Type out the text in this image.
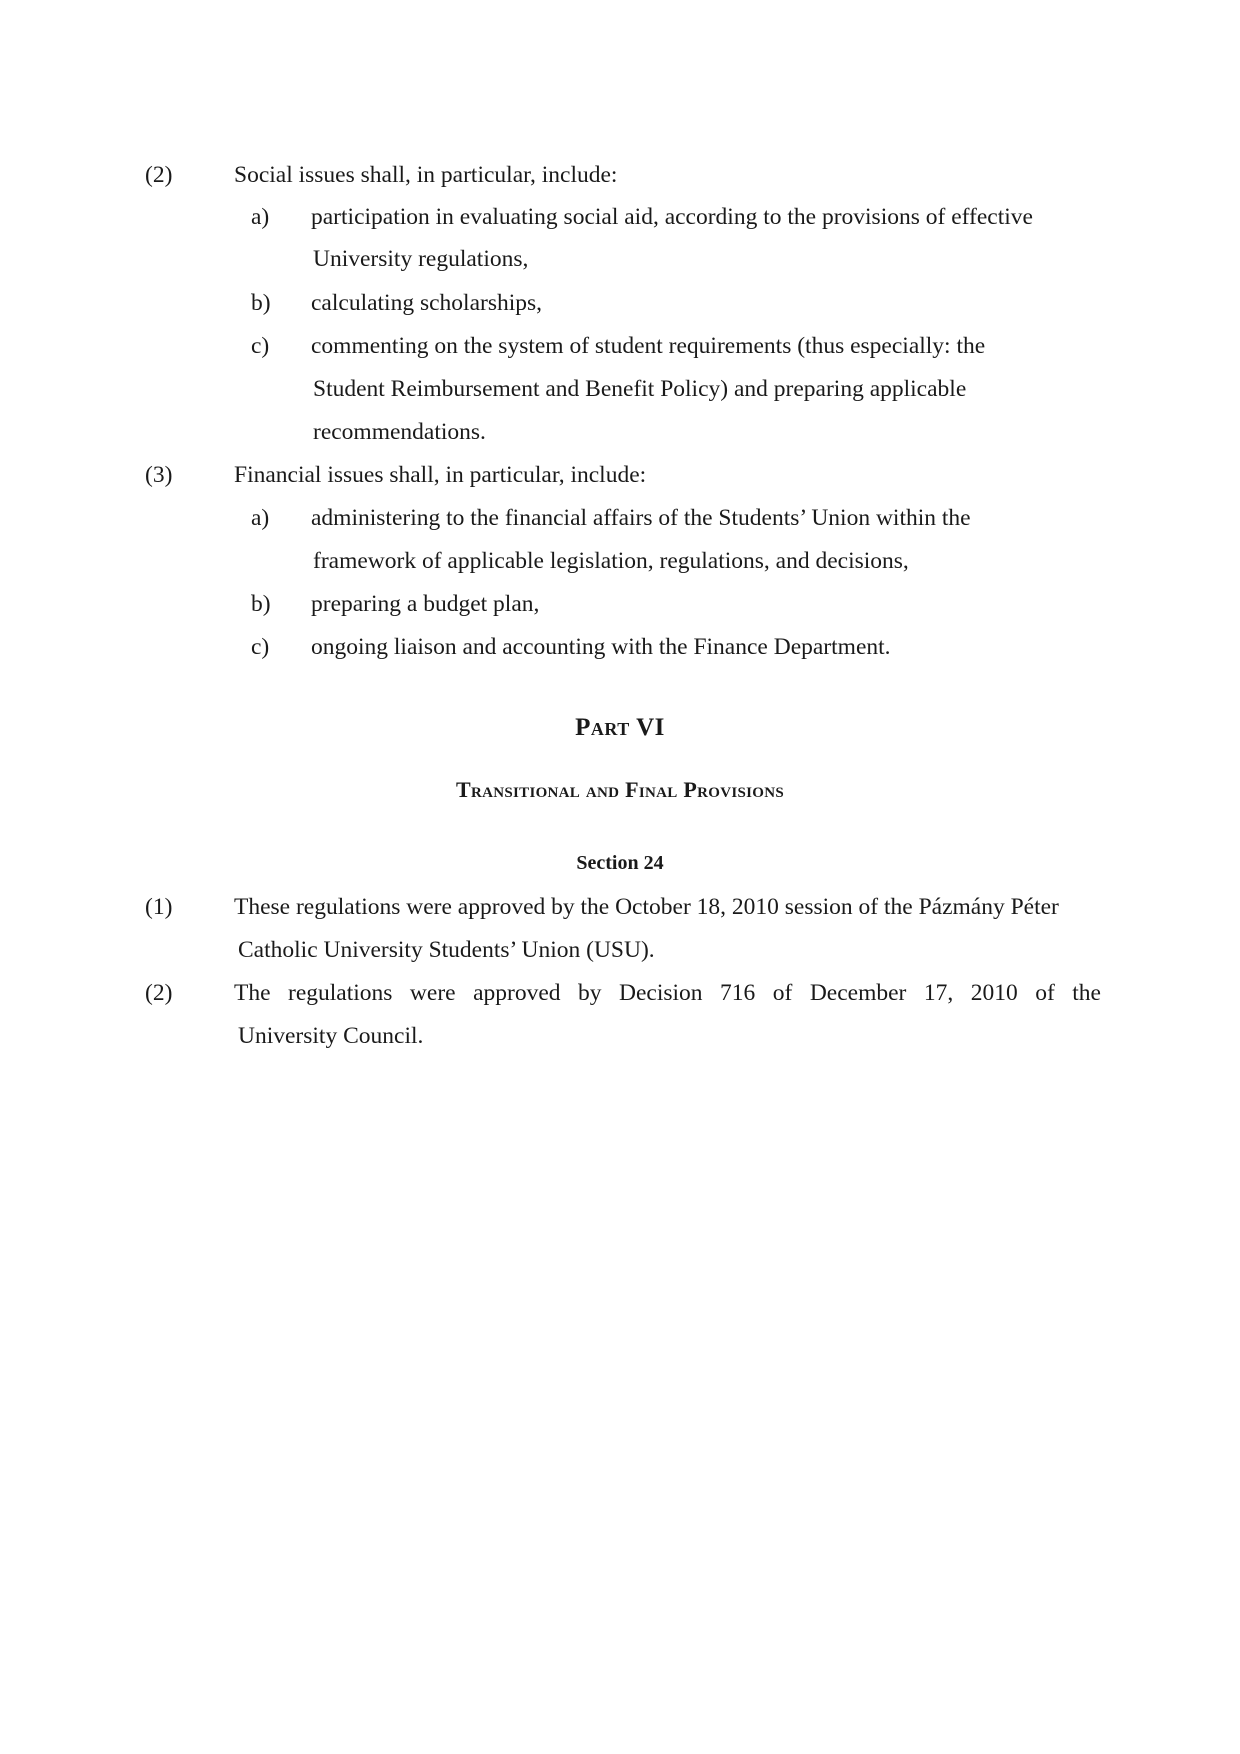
(2)	Social issues shall, in particular, include:
a) participation in evaluating social aid, according to the provisions of effective
University regulations,
b) calculating scholarships,
c) commenting on the system of student requirements (thus especially: the
Student Reimbursement and Benefit Policy) and preparing applicable
recommendations.
(3)	Financial issues shall, in particular, include:
a) administering to the financial affairs of the Students’ Union within the
framework of applicable legislation, regulations, and decisions,
b) preparing a budget plan,
c) ongoing liaison and accounting with the Finance Department.
Part VI
Transitional and Final Provisions
Section 24
(1)	These regulations were approved by the October 18, 2010 session of the Pázmány Péter
Catholic University Students’ Union (USU).
(2)	The regulations were approved by Decision 716 of December 17, 2010 of the
University Council.
